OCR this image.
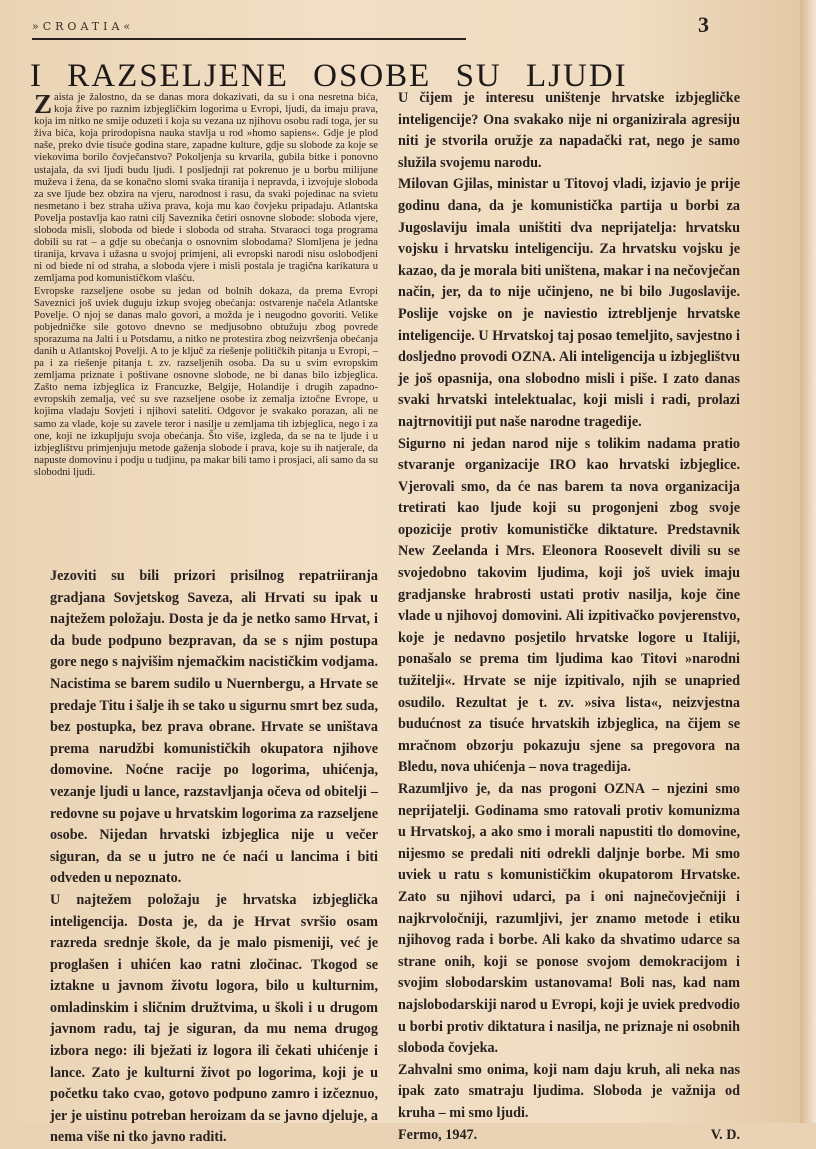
»CROATIA«	3
I RAZSELJENE OSOBE SU LJUDI

Zaista je žalostno, da se danas mora dokazivati, da su i ona nesretna bića, koja žive po raznim izbjegličkim logorima u Evropi, ljudi, da imaju prava, koja im nitko ne smije oduzeti i koja su vezana uz njihovu osobu radi toga, jer su živa bića, koja prirodopisna nauka stavlja u rod »homo sapiens«. Gdje je plod naše, preko dvie tisuće godina stare, zapadne kulture, gdje su slobode za koje se viekovima borilo čovječanstvo? Pokoljenja su krvarila, gubila bitke i ponovno ustajala, da svi ljudi budu ljudi. I posljednji rat pokrenuo je u borbu milijune muževa i žena, da se konačno slomi svaka tiranija i nepravda, i izvojuje sloboda za sve ljude bez obzira na vjeru, narodnost i rasu, da svaki pojedinac na svietu nesmetano i bez straha uživa prava, koja mu kao čovjeku pripadaju. Atlantska Povelja postavlja kao ratni cilj Saveznika četiri osnovne slobode: sloboda vjere, sloboda misli, sloboda od biede i sloboda od straha. Stvaraoci toga programa dobili su rat – a gdje su obećanja o osnovnim slobodama? Slomljena je jedna tiranija, krvava i užasna u svojoj primjeni, ali evropski narodi nisu oslobodjeni ni od biede ni od straha, a sloboda vjere i misli postala je tragična karikatura u zemljama pod komunističkom vlašću.

Evropske razseljene osobe su jedan od bolnih dokaza, da prema Evropi Saveznici još uviek duguju izkup svojeg obećanja: ostvarenje načela Atlantske Povelje. O njoj se danas malo govori, a možda je i neugodno govoriti. Velike pobjedničke sile gotovo dnevno se medjusobno obtužuju zbog povrede sporazuma na Jalti i u Potsdamu, a nitko ne protestira zbog neizvršenja obećanja danih u Atlantskoj Povelji. A to je ključ za riešenje političkih pitanja u Evropi, – pa i za riešenje pitanja t. zv. razseljenih osoba. Da su u svim evropskim zemljama priznate i poštivane osnovne slobode, ne bi danas bilo izbjeglica. Zašto nema izbjeglica iz Francuzke, Belgije, Holandije i drugih zapadno-evropskih zemalja, već su sve razseljene osobe iz zemalja iztočne Evrope, u kojima vladaju Sovjeti i njihovi sateliti. Odgovor je svakako porazan, ali ne samo za vlade, koje su zavele teror i nasilje u zemljama tih izbjeglica, nego i za one, koji ne izkupljuju svoja obećanja. Što više, izgleda, da se na te ljude i u izbjeglištvu primjenjuju metode gaženja slobode i prava, koje su ih natjerale, da napuste domovinu i podju u tudjinu, pa makar bili tamo i prosjaci, ali samo da su slobodni ljudi.

Jezoviti su bili prizori prisilnog repatriiranja gradjana Sovjetskog Saveza, ali Hrvati su ipak u najtežem položaju. Dosta je da je netko samo Hrvat, i da bude podpuno bezpravan, da se s njim postupa gore nego s najvišim njemačkim nacističkim vodjama. Nacistima se barem sudilo u Nuernbergu, a Hrvate se predaje Titu i šalje ih se tako u sigurnu smrt bez suda, bez postupka, bez prava obrane. Hrvate se uništava prema narudžbi komunističkih okupatora njihove domovine. Noćne racije po logorima, uhićenja, vezanje ljudi u lance, razstavljanja očeva od obitelji – redovne su pojave u hrvatskim logorima za razseljene osobe. Nijedan hrvatski izbjeglica nije u večer siguran, da se u jutro ne će naći u lancima i biti odveden u nepoznato.

U najtežem položaju je hrvatska izbjeglička inteligencija. Dosta je, da je Hrvat svršio osam razreda srednje škole, da je malo pismeniji, već je proglašen i uhićen kao ratni zločinac. Tkogod se iztakne u javnom životu logora, bilo u kulturnim, omladinskim i sličnim družtvima, u školi i u drugom javnom radu, taj je siguran, da mu nema drugog izbora nego: ili bježati iz logora ili čekati uhićenje i lance. Zato je kulturni život po logorima, koji je u početku tako cvao, gotovo podpuno zamro i izčeznuo, jer je uistinu potreban heroizam da se javno djeluje, a nema više ni tko javno raditi.

U čijem je interesu uništenje hrvatske izbjegličke inteligencije? Ona svakako nije ni organizirala agresiju niti je stvorila oružje za napadački rat, nego je samo služila svojemu narodu.

Milovan Gjilas, ministar u Titovoj vladi, izjavio je prije godinu dana, da je komunistička partija u borbi za Jugoslaviju imala uništiti dva neprijatelja: hrvatsku vojsku i hrvatsku inteligenciju. Za hrvatsku vojsku je kazao, da je morala biti uništena, makar i na nečovječan način, jer, da to nije učinjeno, ne bi bilo Jugoslavije. Poslije vojske on je naviestio iztrebljenje hrvatske inteligencije. U Hrvatskoj taj posao temeljito, savjestno i dosljedno provodi OZNA. Ali inteligencija u izbjeglištvu je još opasnija, ona slobodno misli i piše. I zato danas svaki hrvatski intelektualac, koji misli i radi, prolazi najtrnovitiji put naše narodne tragedije.

Sigurno ni jedan narod nije s tolikim nadama pratio stvaranje organizacije IRO kao hrvatski izbjeglice. Vjerovali smo, da će nas barem ta nova organizacija tretirati kao ljude koji su progonjeni zbog svoje opozicije protiv komunističke diktature. Predstavnik New Zeelanda i Mrs. Eleonora Roosevelt divili su se svojedobno takovim ljudima, koji još uviek imaju gradjanske hrabrosti ustati protiv nasilja, koje čine vlade u njihovoj domovini. Ali izpitivačko povjerenstvo, koje je nedavno posjetilo hrvatske logore u Italiji, ponašalo se prema tim ljudima kao Titovi »narodni tužitelji«. Hrvate se nije izpitivalo, njih se unapried osudilo. Rezultat je t. zv. »siva lista«, neizvjestna budućnost za tisuće hrvatskih izbjeglica, na čijem se mračnom obzorju pokazuju sjene sa pregovora na Bledu, nova uhićenja – nova tragedija.

Razumljivo je, da nas progoni OZNA – njezini smo neprijatelji. Godinama smo ratovali protiv komunizma u Hrvatskoj, a ako smo i morali napustiti tlo domovine, nijesmo se predali niti odrekli daljnje borbe. Mi smo uviek u ratu s komunističkim okupatorom Hrvatske. Zato su njihovi udarci, pa i oni najnečovječniji i najkrvoločniji, razumljivi, jer znamo metode i etiku njihovog rada i borbe. Ali kako da shvatimo udarce sa strane onih, koji se ponose svojom demokracijom i svojim slobodarskim ustanovama! Boli nas, kad nam najslobodarskiji narod u Evropi, koji je uviek predvodio u borbi protiv diktatura i nasilja, ne priznaje ni osobnih sloboda čovjeka.

Zahvalni smo onima, koji nam daju kruh, ali neka nas ipak zato smatraju ljudima. Sloboda je važnija od kruha – mi smo ljudi.

Fermo, 1947.	V. D.
